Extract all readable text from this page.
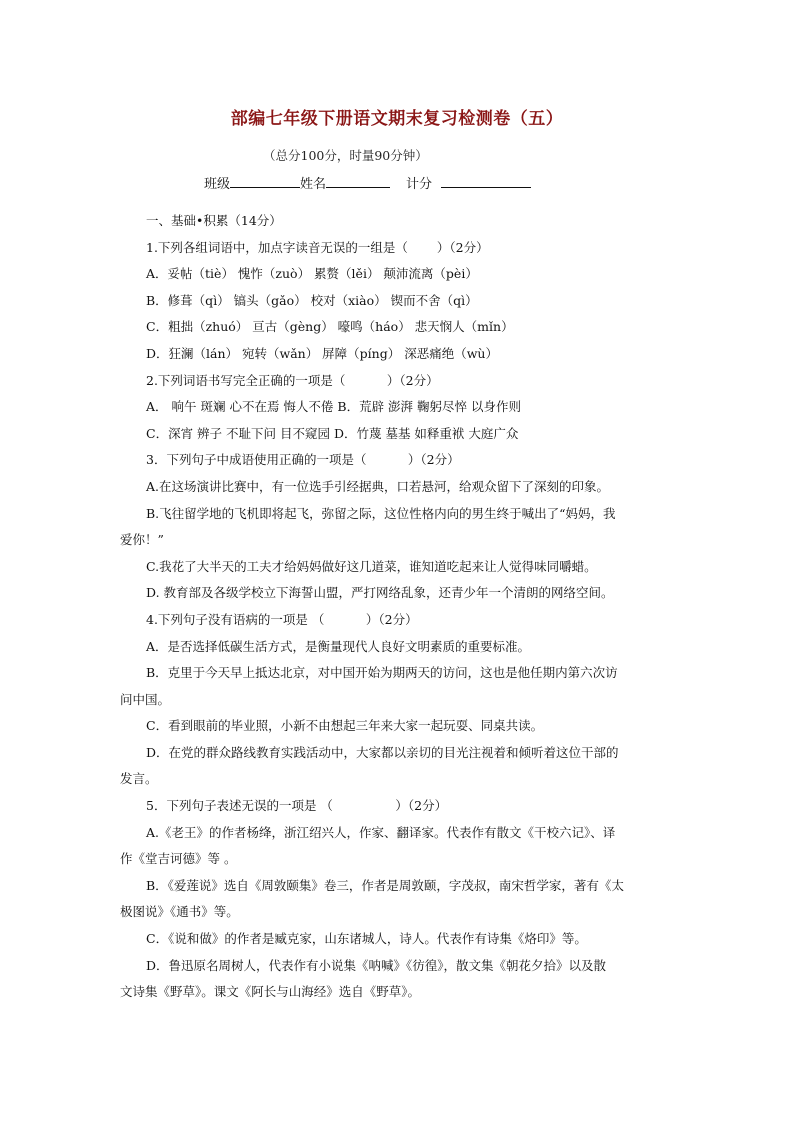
部编七年级下册语文期末复习检测卷（五）
（总分100分，时量90分钟）
班级	姓名	计分

一、基础•积累（14分）

1.下列各组词语中，加点字读音无误的一组是（　　 ）（2分）

A．妥帖（tiè） 愧怍（zuò） 累赘（lěi） 颠沛流离（pèi）

B．修葺（qì） 镐头（gǎo） 校对（xiào） 锲而不舍（qì）

C．粗拙（zhuó） 亘古（gèng） 嚎鸣（háo） 悲天悯人（mǐn）

D．狂澜（lán） 宛转（wǎn） 屏障（píng） 深恶痛绝（wù）

2.下列词语书写完全正确的一项是（　　　 ）（2分）

A． 响午 斑斓 心不在焉 悔人不倦 B．荒辟 澎湃 鞠躬尽悴 以身作则

C．深宵 辨子 不耻下问 目不窥园 D．竹蔑 墓基 如释重袱 大庭广众

3．下列句子中成语使用正确的一项是（　　　 ）（2分）

A.在这场演讲比赛中，有一位选手引经据典，口若悬河，给观众留下了深刻的印象。

B.飞往留学地的飞机即将起飞，弥留之际，这位性格内向的男生终于喊出了“妈妈，我

爱你！”

C.我花了大半天的工夫才给妈妈做好这几道菜，谁知道吃起来让人觉得味同嚼蜡。

D. 教育部及各级学校立下海誓山盟，严打网络乱象，还青少年一个清朗的网络空间。

4.下列句子没有语病的一项是 （　　　 ）（2分）

A．是否选择低碳生活方式，是衡量现代人良好文明素质的重要标准。

B．克里于今天早上抵达北京，对中国开始为期两天的访问，这也是他任期内第六次访

问中国。

C．看到眼前的毕业照，小新不由想起三年来大家一起玩耍、同桌共读。

D．在党的群众路线教育实践活动中，大家都以亲切的目光注视着和倾听着这位干部的

发言。

5．下列句子表述无误的一项是 （　　　　　）（2分）

A.《老王》的作者杨绛，浙江绍兴人，作家、翻译家。代表作有散文《干校六记》、译

作《堂吉诃德》等 。

B．《爱莲说》选自《周敦颐集》卷三，作者是周敦颐，字茂叔，南宋哲学家，著有《太

极图说》《通书》等。

C．《说和做》的作者是臧克家，山东诸城人，诗人。代表作有诗集《烙印》等。

D．鲁迅原名周树人，代表作有小说集《呐喊》《彷徨》，散文集《朝花夕拾》以及散

文诗集《野草》。课文《阿长与山海经》选自《野草》。
